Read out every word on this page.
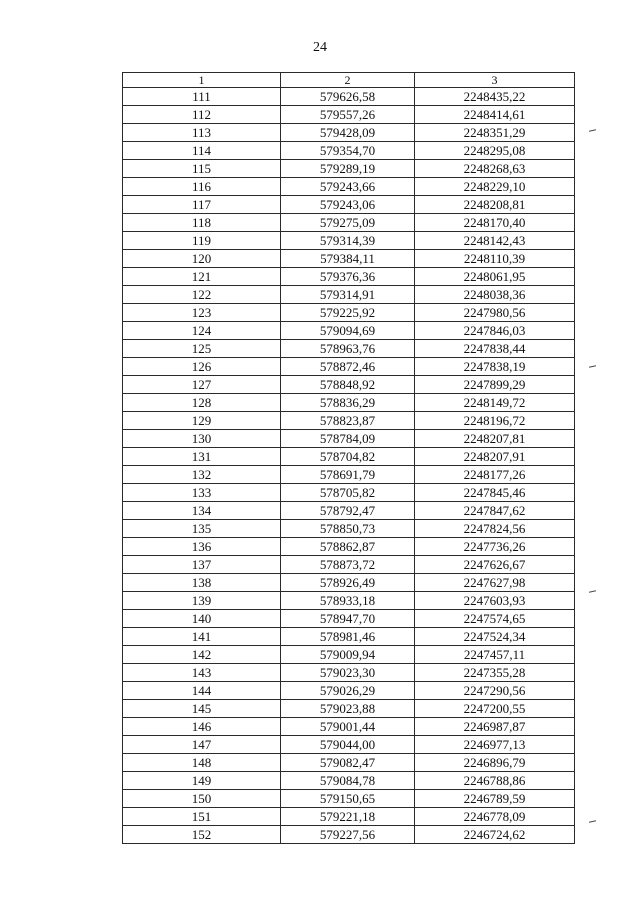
24
1	2	3
111	579626,58	2248435,22
112	579557,26	2248414,61
113	579428,09	2248351,29
114	579354,70	2248295,08
115	579289,19	2248268,63
116	579243,66	2248229,10
117	579243,06	2248208,81
118	579275,09	2248170,40
119	579314,39	2248142,43
120	579384,11	2248110,39
121	579376,36	2248061,95
122	579314,91	2248038,36
123	579225,92	2247980,56
124	579094,69	2247846,03
125	578963,76	2247838,44
126	578872,46	2247838,19
127	578848,92	2247899,29
128	578836,29	2248149,72
129	578823,87	2248196,72
130	578784,09	2248207,81
131	578704,82	2248207,91
132	578691,79	2248177,26
133	578705,82	2247845,46
134	578792,47	2247847,62
135	578850,73	2247824,56
136	578862,87	2247736,26
137	578873,72	2247626,67
138	578926,49	2247627,98
139	578933,18	2247603,93
140	578947,70	2247574,65
141	578981,46	2247524,34
142	579009,94	2247457,11
143	579023,30	2247355,28
144	579026,29	2247290,56
145	579023,88	2247200,55
146	579001,44	2246987,87
147	579044,00	2246977,13
148	579082,47	2246896,79
149	579084,78	2246788,86
150	579150,65	2246789,59
151	579221,18	2246778,09
152	579227,56	2246724,62
